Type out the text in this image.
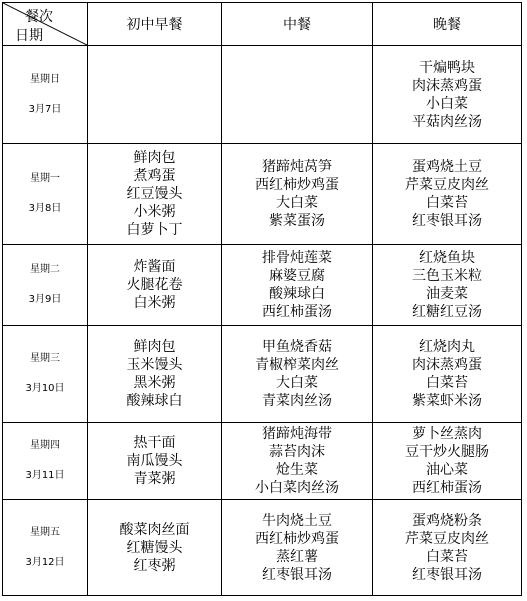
餐次
日期	初中早餐	中餐	晚餐

星期日
3月7日			干煸鸭块
肉沫蒸鸡蛋
小白菜
平菇肉丝汤

星期一
3月8日	鲜肉包
煮鸡蛋
红豆馒头
小米粥
白萝卜丁	猪蹄炖莴笋
西红柿炒鸡蛋
大白菜
紫菜蛋汤	蛋鸡烧土豆
芹菜豆皮肉丝
白菜苔
红枣银耳汤

星期二
3月9日	炸酱面
火腿花卷
白米粥	排骨炖莲菜
麻婆豆腐
酸辣球白
西红柿蛋汤	红烧鱼块
三色玉米粒
油麦菜
红糖红豆汤

星期三
3月10日	鲜肉包
玉米馒头
黑米粥
酸辣球白	甲鱼烧香菇
青椒榨菜肉丝
大白菜
青菜肉丝汤	红烧肉丸
肉沫蒸鸡蛋
白菜苔
紫菜虾米汤

星期四
3月11日	热干面
南瓜馒头
青菜粥	猪蹄炖海带
蒜苔肉沫
炝生菜
小白菜肉丝汤	萝卜丝蒸肉
豆干炒火腿肠
油心菜
西红柿蛋汤

星期五
3月12日	酸菜肉丝面
红糖馒头
红枣粥	牛肉烧土豆
西红柿炒鸡蛋
蒸红薯
红枣银耳汤	蛋鸡烧粉条
芹菜豆皮肉丝
白菜苔
红枣银耳汤
